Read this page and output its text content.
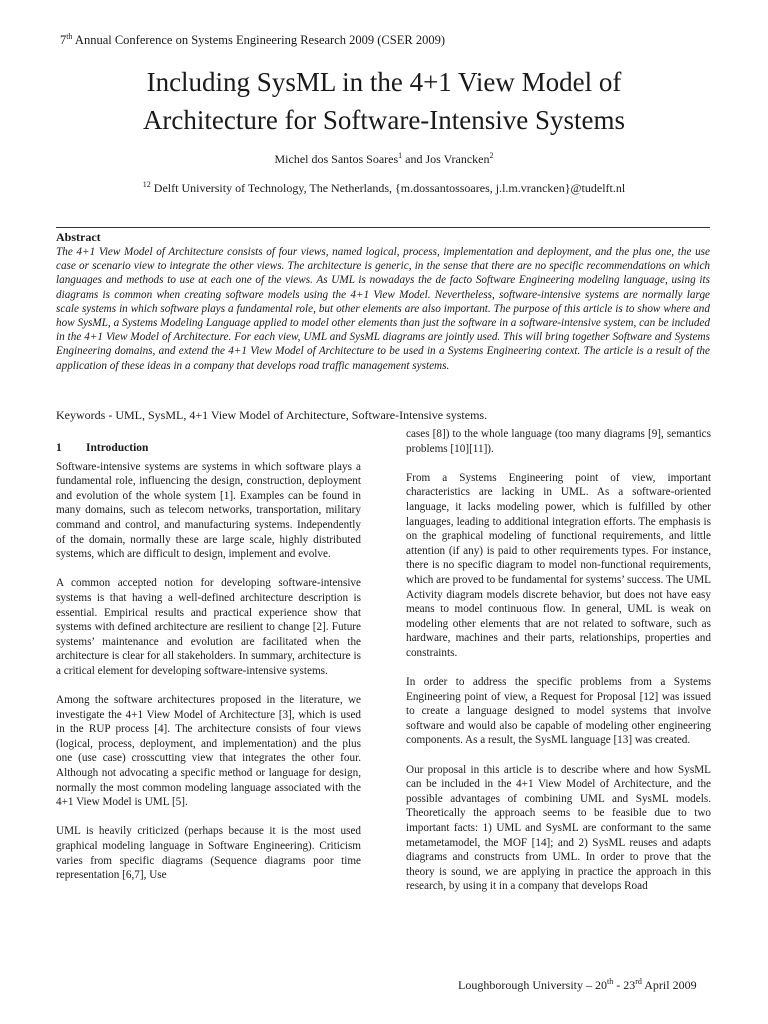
7th Annual Conference on Systems Engineering Research 2009 (CSER 2009)
Including SysML in the 4+1 View Model of
Architecture for Software-Intensive Systems
Michel dos Santos Soares$^1$ and Jos Vrancken$^2$
$^{12}$ Delft University of Technology, The Netherlands, {m.dossantossoares, j.l.m.vrancken}@tudelft.nl
Abstract

The 4+1 View Model of Architecture consists of four views, named logical, process, implementation and deployment, and the plus one, the use case or scenario view to integrate the other views. The architecture is generic, in the sense that there are no specific recommendations on which languages and methods to use at each one of the views. As UML is nowadays the de facto Software Engineering modeling language, using its diagrams is common when creating software models using the 4+1 View Model. Nevertheless, software-intensive systems are normally large scale systems in which software plays a fundamental role, but other elements are also important. The purpose of this article is to show where and how SysML, a Systems Modeling Language applied to model other elements than just the software in a software-intensive system, can be included in the 4+1 View Model of Architecture. For each view, UML and SysML diagrams are jointly used. This will bring together Software and Systems Engineering domains, and extend the 4+1 View Model of Architecture to be used in a Systems Engineering context. The article is a result of the application of these ideas in a company that develops road traffic management systems.

Keywords - UML, SysML, 4+1 View Model of Architecture, Software-Intensive systems.
1 Introduction

Software-intensive systems are systems in which software plays a fundamental role, influencing the design, construction, deployment and evolution of the whole system [1]. Examples can be found in many domains, such as telecom networks, transportation, military command and control, and manufacturing systems. Independently of the domain, normally these are large scale, highly distributed systems, which are difficult to design, implement and evolve.

A common accepted notion for developing software-intensive systems is that having a well-defined architecture description is essential. Empirical results and practical experience show that systems with defined architecture are resilient to change [2]. Future systems’ maintenance and evolution are facilitated when the architecture is clear for all stakeholders. In summary, architecture is a critical element for developing software-intensive systems.

Among the software architectures proposed in the literature, we investigate the 4+1 View Model of Architecture [3], which is used in the RUP process [4]. The architecture consists of four views (logical, process, deployment, and implementation) and the plus one (use case) crosscutting view that integrates the other four. Although not advocating a specific method or language for design, normally the most common modeling language associated with the 4+1 View Model is UML [5].

UML is heavily criticized (perhaps because it is the most used graphical modeling language in Software Engineering). Criticism varies from specific diagrams (Sequence diagrams poor time representation [6,7], Use

cases [8]) to the whole language (too many diagrams [9], semantics problems [10][11]).

From a Systems Engineering point of view, important characteristics are lacking in UML. As a software-oriented language, it lacks modeling power, which is fulfilled by other languages, leading to additional integration efforts. The emphasis is on the graphical modeling of functional requirements, and little attention (if any) is paid to other requirements types. For instance, there is no specific diagram to model non-functional requirements, which are proved to be fundamental for systems’ success. The UML Activity diagram models discrete behavior, but does not have easy means to model continuous flow. In general, UML is weak on modeling other elements that are not related to software, such as hardware, machines and their parts, relationships, properties and constraints.

In order to address the specific problems from a Systems Engineering point of view, a Request for Proposal [12] was issued to create a language designed to model systems that involve software and would also be capable of modeling other engineering components. As a result, the SysML language [13] was created.

Our proposal in this article is to describe where and how SysML can be included in the 4+1 View Model of Architecture, and the possible advantages of combining UML and SysML models. Theoretically the approach seems to be feasible due to two important facts: 1) UML and SysML are conformant to the same metametamodel, the MOF [14]; and 2) SysML reuses and adapts diagrams and constructs from UML. In order to prove that the theory is sound, we are applying in practice the approach in this research, by using it in a company that develops Road

Loughborough University – 20th - 23rd April 2009
